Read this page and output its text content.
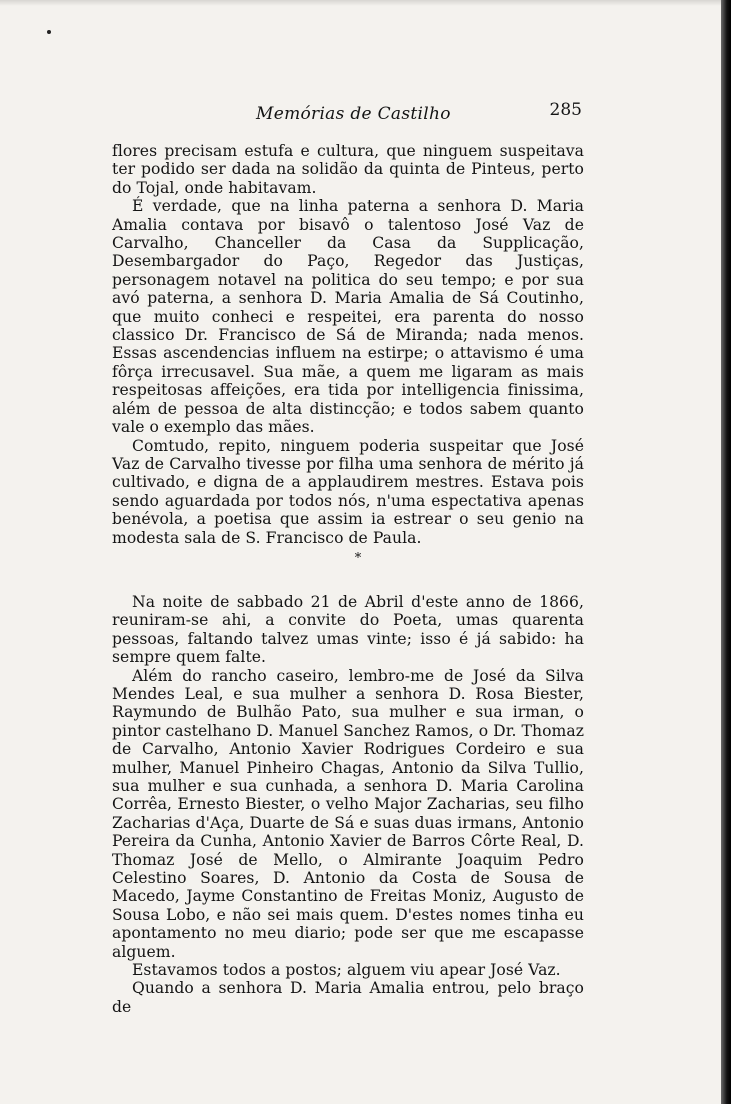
Memórias de Castilho	285

flores precisam estufa e cultura, que ninguem suspeitava ter podido ser dada na solidão da quinta de Pinteus, perto do Tojal, onde habitavam.

É verdade, que na linha paterna a senhora D. Maria Amalia contava por bisavô o talentoso José Vaz de Carvalho, Chanceller da Casa da Supplicação, Desembargador do Paço, Regedor das Justiças, personagem notavel na politica do seu tempo; e por sua avó paterna, a senhora D. Maria Amalia de Sá Coutinho, que muito conheci e respeitei, era parenta do nosso classico Dr. Francisco de Sá de Miranda; nada menos. Essas ascendencias influem na estirpe; o attavismo é uma fôrça irrecusavel. Sua mãe, a quem me ligaram as mais respeitosas affeições, era tida por intelligencia finissima, além de pessoa de alta distincção; e todos sabem quanto vale o exemplo das mães.

Comtudo, repito, ninguem poderia suspeitar que José Vaz de Carvalho tivesse por filha uma senhora de mérito já cultivado, e digna de a applaudirem mestres. Estava pois sendo aguardada por todos nós, n'uma espectativa apenas benévola, a poetisa que assim ia estrear o seu genio na modesta sala de S. Francisco de Paula.

*

Na noite de sabbado 21 de Abril d'este anno de 1866, reuniram-se ahi, a convite do Poeta, umas quarenta pessoas, faltando talvez umas vinte; isso é já sabido: ha sempre quem falte.

Além do rancho caseiro, lembro-me de José da Silva Mendes Leal, e sua mulher a senhora D. Rosa Biester, Raymundo de Bulhão Pato, sua mulher e sua irman, o pintor castelhano D. Manuel Sanchez Ramos, o Dr. Thomaz de Carvalho, Antonio Xavier Rodrigues Cordeiro e sua mulher, Manuel Pinheiro Chagas, Antonio da Silva Tullio, sua mulher e sua cunhada, a senhora D. Maria Carolina Corrêa, Ernesto Biester, o velho Major Zacharias, seu filho Zacharias d'Aça, Duarte de Sá e suas duas irmans, Antonio Pereira da Cunha, Antonio Xavier de Barros Côrte Real, D. Thomaz José de Mello, o Almirante Joaquim Pedro Celestino Soares, D. Antonio da Costa de Sousa de Macedo, Jayme Constantino de Freitas Moniz, Augusto de Sousa Lobo, e não sei mais quem. D'estes nomes tinha eu apontamento no meu diario; pode ser que me escapasse alguem.

Estavamos todos a postos; alguem viu apear José Vaz.

Quando a senhora D. Maria Amalia entrou, pelo braço de
